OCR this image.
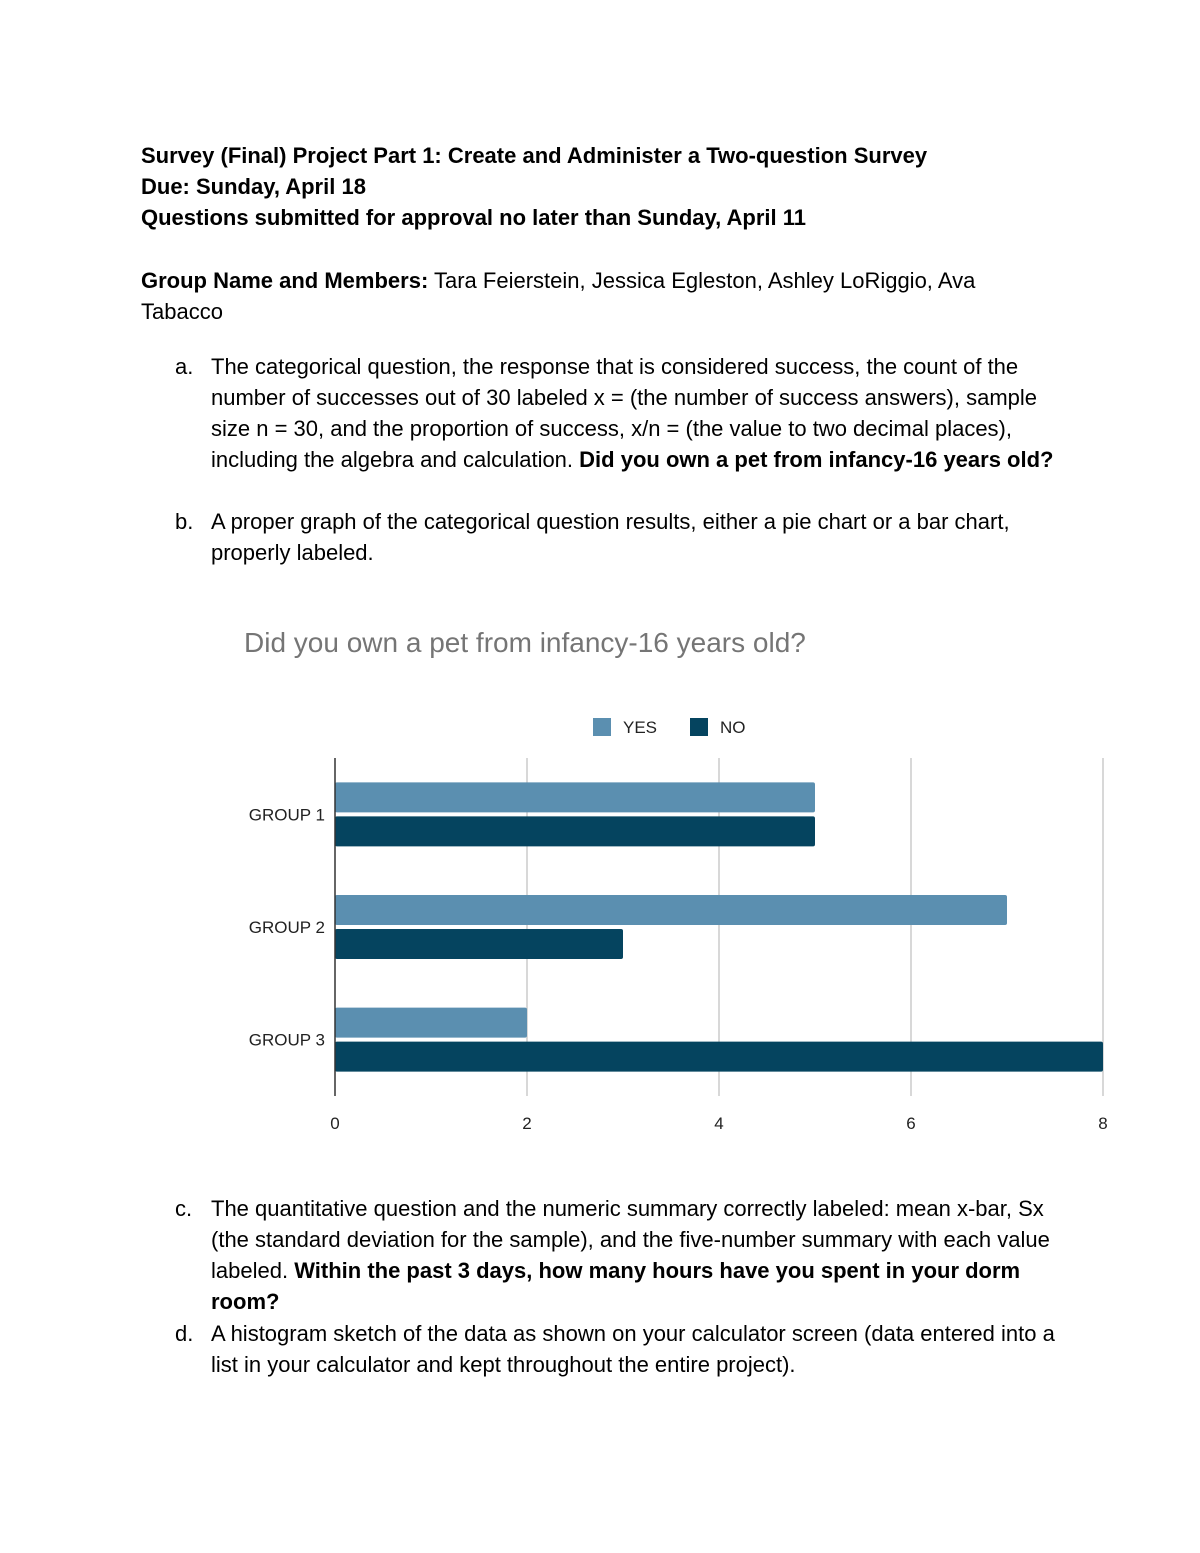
Survey (Final) Project Part 1: Create and Administer a Two-question Survey
Due: Sunday, April 18
Questions submitted for approval no later than Sunday, April 11
Group Name and Members: Tara Feierstein, Jessica Egleston, Ashley LoRiggio, Ava Tabacco
a. The categorical question, the response that is considered success, the count of the number of successes out of 30 labeled x = (the number of success answers), sample size n = 30, and the proportion of success, x/n = (the value to two decimal places), including the algebra and calculation. Did you own a pet from infancy-16 years old?
b. A proper graph of the categorical question results, either a pie chart or a bar chart, properly labeled.
Did you own a pet from infancy-16 years old?
YES	NO
0	2	4	6	8
GROUP 1
GROUP 2
GROUP 3
c. The quantitative question and the numeric summary correctly labeled: mean x-bar, Sx (the standard deviation for the sample), and the five-number summary with each value labeled. Within the past 3 days, how many hours have you spent in your dorm room?
d. A histogram sketch of the data as shown on your calculator screen (data entered into a list in your calculator and kept throughout the entire project).
